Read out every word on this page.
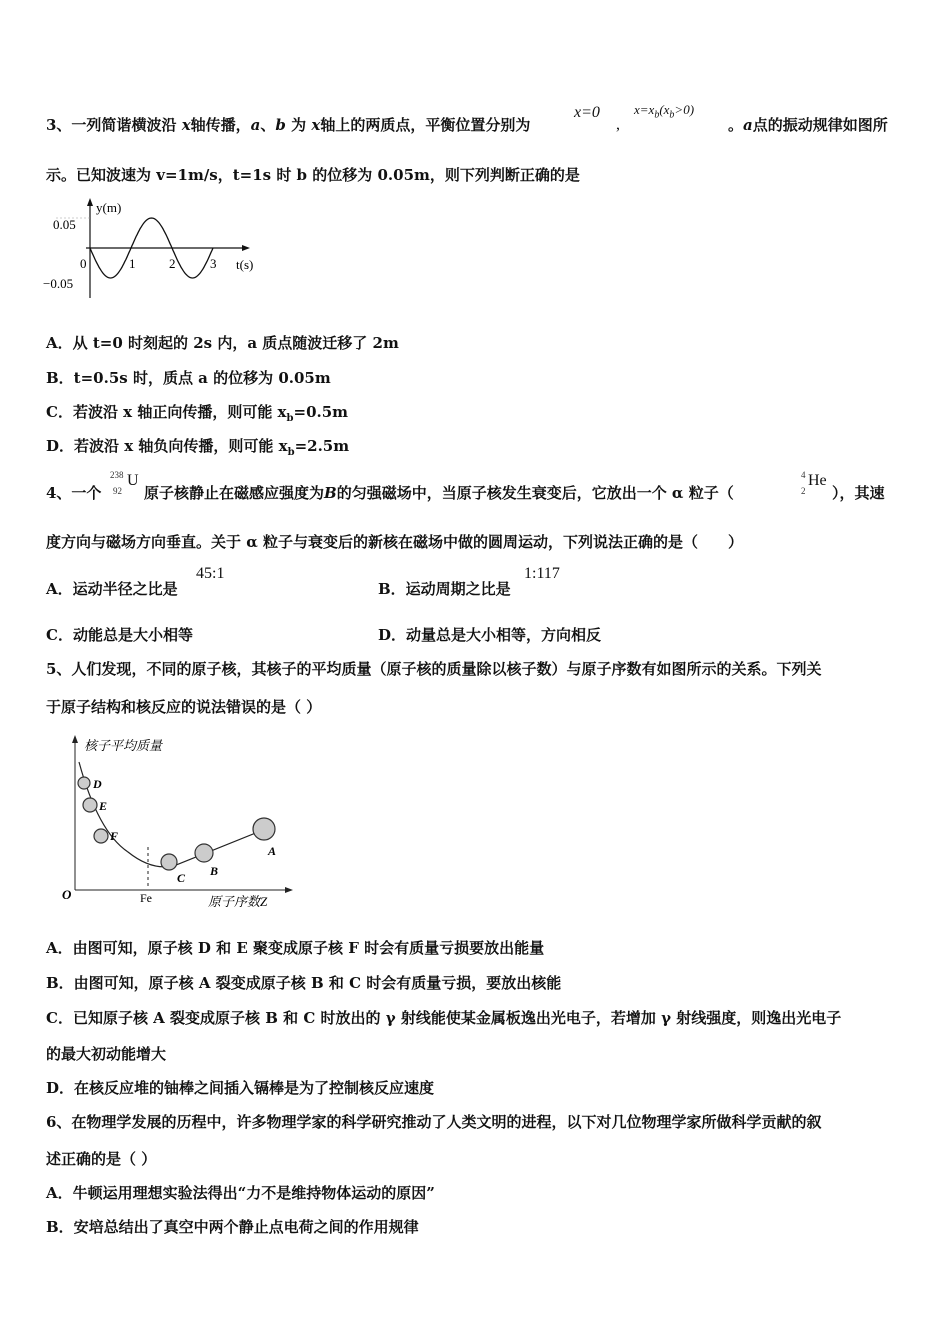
3、一列简谐横波沿 x轴传播，a、b 为 x轴上的两质点，平衡位置分别为
x=0
,
$x=x_b(x_b>0)$
。a点的振动规律如图所
示。已知波速为 v=1m/s，t=1s 时 b 的位移为 0.05m，则下列判断正确的是
y(m)
t(s)
0.05
−0.05
0	1	2	3
A．从 t=0 时刻起的 2s 内，a 质点随波迁移了 2m
B．t=0.5s 时，质点 a 的位移为 0.05m
C．若波沿 x 轴正向传播，则可能 $x_b=0.5m$
D．若波沿 x 轴负向传播，则可能 $x_b=2.5m$
4、一个
238
92
U
原子核静止在磁感应强度为B的匀强磁场中，当原子核发生衰变后，它放出一个 α 粒子（
4
2
He
），其速
度方向与磁场方向垂直。关于 α 粒子与衰变后的新核在磁场中做的圆周运动，下列说法正确的是（　　）
A．运动半径之比是
45:1
B．运动周期之比是
1:117
C．动能总是大小相等	D．动量总是大小相等，方向相反
5、人们发现，不同的原子核，其核子的平均质量（原子核的质量除以核子数）与原子序数有如图所示的关系。下列关
于原子结构和核反应的说法错误的是（ ）
核子平均质量
原子序数Z
O	Fe
D
E
F
C B
A
A．由图可知，原子核 D 和 E 聚变成原子核 F 时会有质量亏损要放出能量
B．由图可知，原子核 A 裂变成原子核 B 和 C 时会有质量亏损，要放出核能
C．已知原子核 A 裂变成原子核 B 和 C 时放出的 γ 射线能使某金属板逸出光电子，若增加 γ 射线强度，则逸出光电子
的最大初动能增大
D．在核反应堆的铀棒之间插入镉棒是为了控制核反应速度
6、在物理学发展的历程中，许多物理学家的科学研究推动了人类文明的进程，以下对几位物理学家所做科学贡献的叙
述正确的是（ ）
A．牛顿运用理想实验法得出“力不是维持物体运动的原因”
B．安培总结出了真空中两个静止点电荷之间的作用规律
